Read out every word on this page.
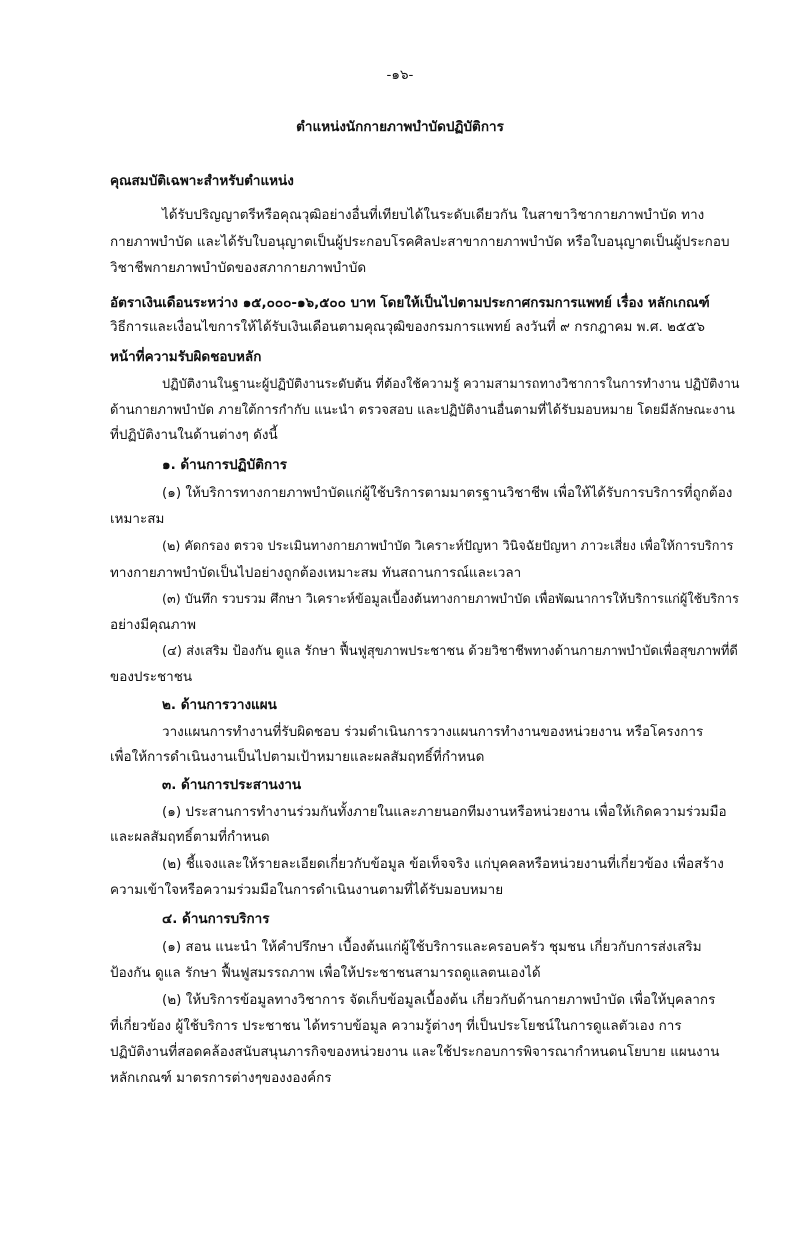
-๑๖-
ตำแหน่งนักกายภาพบำบัดปฏิบัติการ
คุณสมบัติเฉพาะสำหรับตำแหน่ง
ได้รับปริญญาตรีหรือคุณวุฒิอย่างอื่นที่เทียบได้ในระดับเดียวกัน ในสาขาวิชากายภาพบำบัด ทาง
กายภาพบำบัด และได้รับใบอนุญาตเป็นผู้ประกอบโรคศิลปะสาขากายภาพบำบัด หรือใบอนุญาตเป็นผู้ประกอบ
วิชาชีพกายภาพบำบัดของสภากายภาพบำบัด
อัตราเงินเดือนระหว่าง ๑๕,๐๐๐-๑๖,๕๐๐ บาท โดยให้เป็นไปตามประกาศกรมการแพทย์ เรื่อง หลักเกณฑ์
วิธีการและเงื่อนไขการให้ได้รับเงินเดือนตามคุณวุฒิของกรมการแพทย์ ลงวันที่ ๙ กรกฎาคม พ.ศ. ๒๕๕๖
หน้าที่ความรับผิดชอบหลัก
ปฏิบัติงานในฐานะผู้ปฏิบัติงานระดับต้น ที่ต้องใช้ความรู้ ความสามารถทางวิชาการในการทำงาน ปฏิบัติงาน
ด้านกายภาพบำบัด ภายใต้การกำกับ แนะนำ ตรวจสอบ และปฏิบัติงานอื่นตามที่ได้รับมอบหมาย โดยมีลักษณะงาน
ที่ปฏิบัติงานในด้านต่างๆ ดังนี้
๑. ด้านการปฏิบัติการ
(๑) ให้บริการทางกายภาพบำบัดแก่ผู้ใช้บริการตามมาตรฐานวิชาชีพ เพื่อให้ได้รับการบริการที่ถูกต้อง
เหมาะสม
(๒) คัดกรอง ตรวจ ประเมินทางกายภาพบำบัด วิเคราะห์ปัญหา วินิจฉัยปัญหา ภาวะเสี่ยง เพื่อให้การบริการ
ทางกายภาพบำบัดเป็นไปอย่างถูกต้องเหมาะสม ทันสถานการณ์และเวลา
(๓) บันทึก รวบรวม ศึกษา วิเคราะห์ข้อมูลเบื้องต้นทางกายภาพบำบัด เพื่อพัฒนาการให้บริการแก่ผู้ใช้บริการ
อย่างมีคุณภาพ
(๔) ส่งเสริม ป้องกัน ดูแล รักษา ฟื้นฟูสุขภาพประชาชน ด้วยวิชาชีพทางด้านกายภาพบำบัดเพื่อสุขภาพที่ดี
ของประชาชน
๒. ด้านการวางแผน
วางแผนการทำงานที่รับผิดชอบ ร่วมดำเนินการวางแผนการทำงานของหน่วยงาน หรือโครงการ
เพื่อให้การดำเนินงานเป็นไปตามเป้าหมายและผลสัมฤทธิ์ที่กำหนด
๓. ด้านการประสานงาน
(๑) ประสานการทำงานร่วมกันทั้งภายในและภายนอกทีมงานหรือหน่วยงาน เพื่อให้เกิดความร่วมมือ
และผลสัมฤทธิ์ตามที่กำหนด
(๒) ชี้แจงและให้รายละเอียดเกี่ยวกับข้อมูล ข้อเท็จจริง แก่บุคคลหรือหน่วยงานที่เกี่ยวข้อง เพื่อสร้าง
ความเข้าใจหรือความร่วมมือในการดำเนินงานตามที่ได้รับมอบหมาย
๔. ด้านการบริการ
(๑) สอน แนะนำ ให้คำปรึกษา เบื้องต้นแก่ผู้ใช้บริการและครอบครัว ชุมชน เกี่ยวกับการส่งเสริม
ป้องกัน ดูแล รักษา ฟื้นฟูสมรรถภาพ เพื่อให้ประชาชนสามารถดูแลตนเองได้
(๒) ให้บริการข้อมูลทางวิชาการ จัดเก็บข้อมูลเบื้องต้น เกี่ยวกับด้านกายภาพบำบัด เพื่อให้บุคลากร
ที่เกี่ยวข้อง ผู้ใช้บริการ ประชาชน ได้ทราบข้อมูล ความรู้ต่างๆ ที่เป็นประโยชน์ในการดูแลตัวเอง การ
ปฏิบัติงานที่สอดคล้องสนับสนุนภารกิจของหน่วยงาน และใช้ประกอบการพิจารณากำหนดนโยบาย แผนงาน
หลักเกณฑ์ มาตรการต่างๆของงองค์กร
